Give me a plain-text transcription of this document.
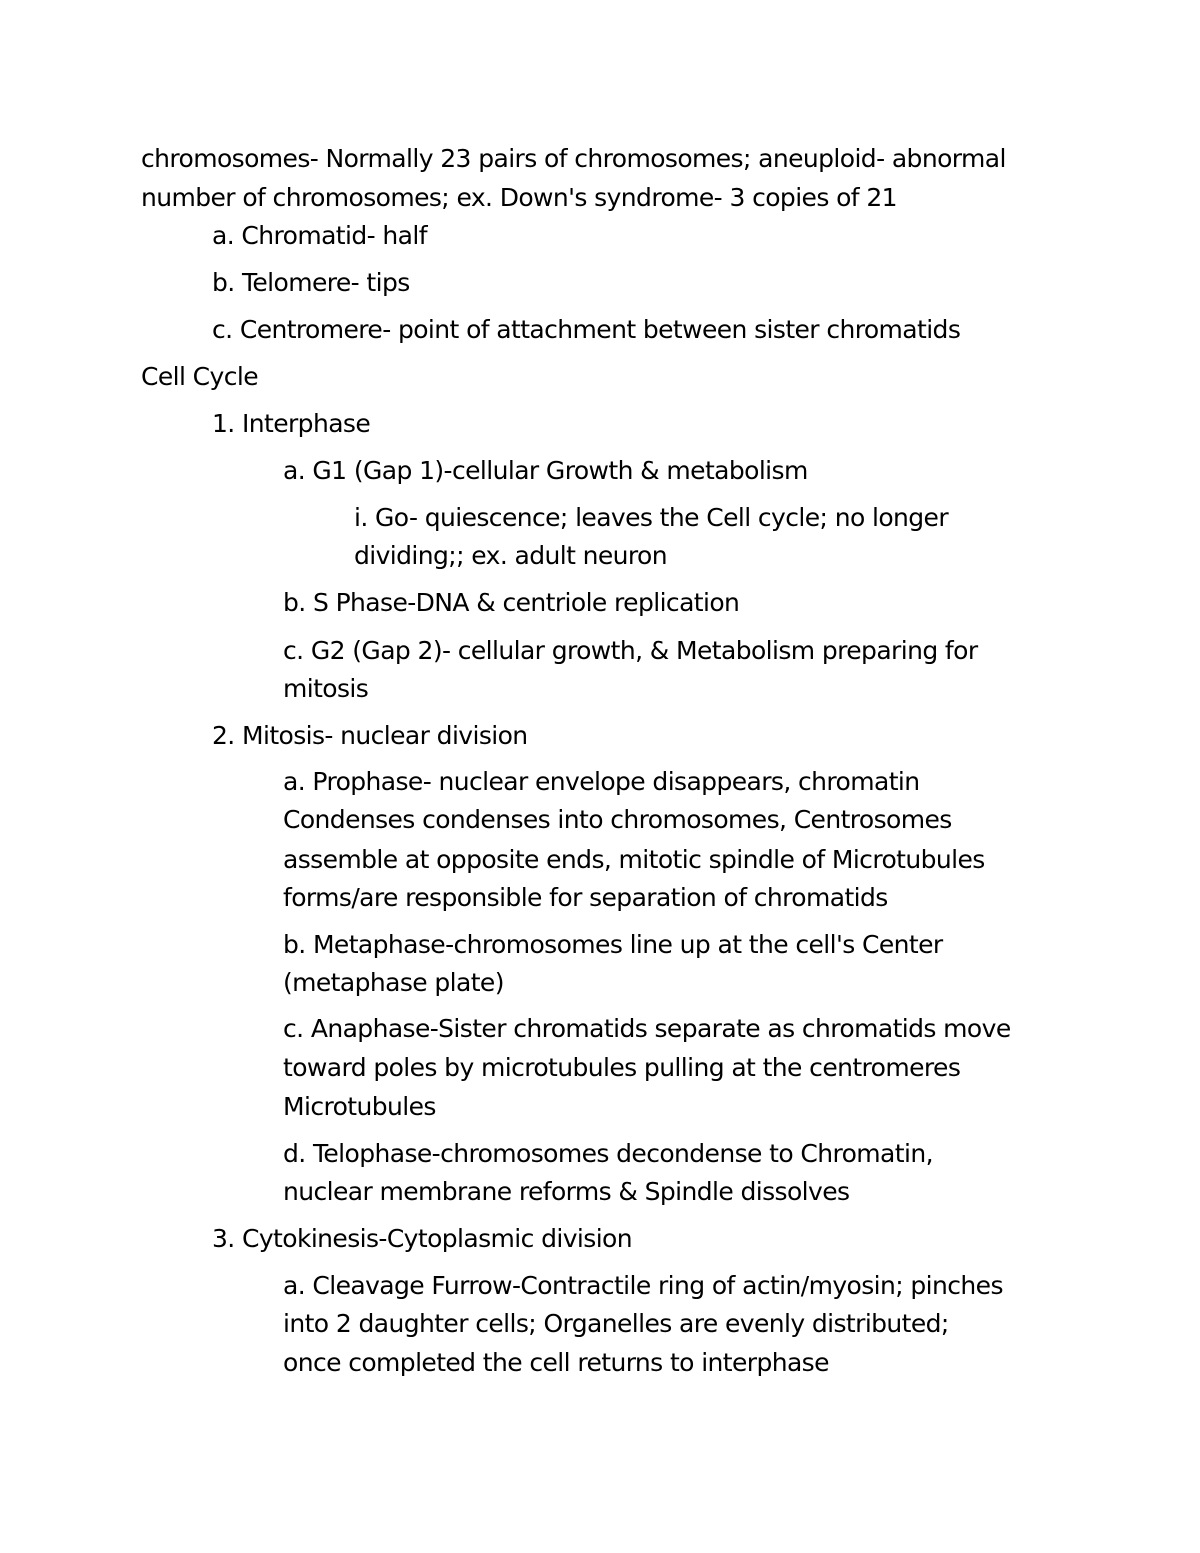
chromosomes- Normally 23 pairs of chromosomes; aneuploid- abnormal
number of chromosomes; ex. Down's syndrome- 3 copies of 21
a. Chromatid- half
b. Telomere- tips
c. Centromere- point of attachment between sister chromatids
Cell Cycle
1. Interphase
a. G1 (Gap 1)-cellular Growth & metabolism
i. Go- quiescence; leaves the Cell cycle; no longer
dividing;; ex. adult neuron
b. S Phase-DNA & centriole replication
c. G2 (Gap 2)- cellular growth, & Metabolism preparing for
mitosis
2. Mitosis- nuclear division
a. Prophase- nuclear envelope disappears, chromatin
Condenses condenses into chromosomes, Centrosomes
assemble at opposite ends, mitotic spindle of Microtubules
forms/are responsible for separation of chromatids
b. Metaphase-chromosomes line up at the cell's Center
(metaphase plate)
c. Anaphase-Sister chromatids separate as chromatids move
toward poles by microtubules pulling at the centromeres
Microtubules
d. Telophase-chromosomes decondense to Chromatin,
nuclear membrane reforms & Spindle dissolves
3. Cytokinesis-Cytoplasmic division
a. Cleavage Furrow-Contractile ring of actin/myosin; pinches
into 2 daughter cells; Organelles are evenly distributed;
once completed the cell returns to interphase
